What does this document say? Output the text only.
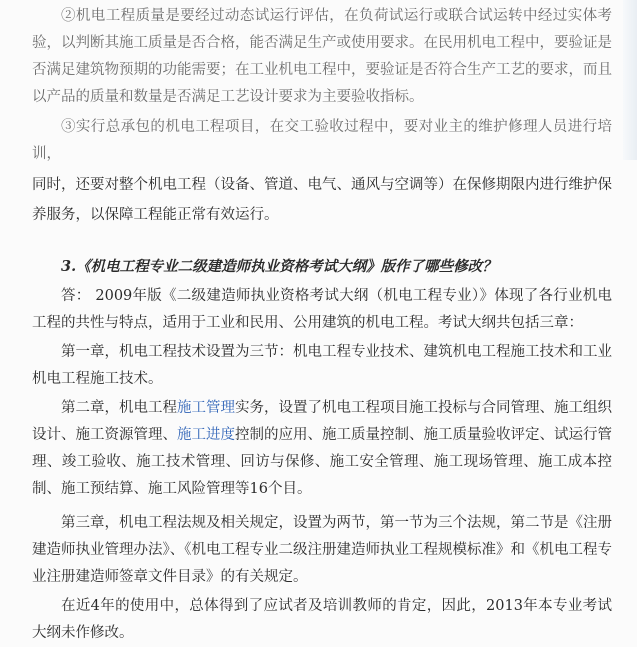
②机电工程质量是要经过动态试运行评估，在负荷试运行或联合试运转中经过实体考验，以判断其施工质量是否合格，能否满足生产或使用要求。在民用机电工程中，要验证是否满足建筑物预期的功能需要；在工业机电工程中，要验证是否符合生产工艺的要求，而且以产品的质量和数量是否满足工艺设计要求为主要验收指标。

③实行总承包的机电工程项目，在交工验收过程中，要对业主的维护修理人员进行培训，

同时，还要对整个机电工程（设备、管道、电气、通风与空调等）在保修期限内进行维护保养服务，以保障工程能正常有效运行。

3.《机电工程专业二级建造师执业资格考试大纲》版作了哪些修改？

答： 2009年版《二级建造师执业资格考试大纲（机电工程专业）》体现了各行业机电工程的共性与特点，适用于工业和民用、公用建筑的机电工程。考试大纲共包括三章：

第一章，机电工程技术设置为三节：机电工程专业技术、建筑机电工程施工技术和工业机电工程施工技术。

第二章，机电工程施工管理实务，设置了机电工程项目施工投标与合同管理、施工组织设计、施工资源管理、施工进度控制的应用、施工质量控制、施工质量验收评定、试运行管理、竣工验收、施工技术管理、回访与保修、施工安全管理、施工现场管理、施工成本控制、施工预结算、施工风险管理等16个目。

第三章，机电工程法规及相关规定，设置为两节，第一节为三个法规，第二节是《注册建造师执业管理办法》、《机电工程专业二级注册建造师执业工程规模标准》和《机电工程专业注册建造师签章文件目录》的有关规定。

在近4年的使用中，总体得到了应试者及培训教师的肯定，因此，2013年本专业考试大纲未作修改。
